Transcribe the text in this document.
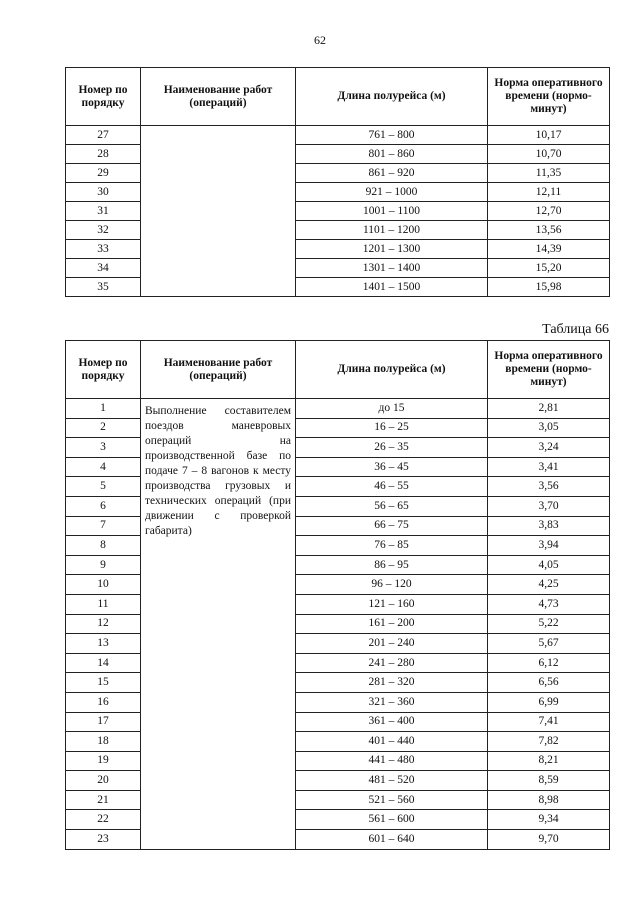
62
Номер по порядку	Наименование работ (операций)	Длина полурейса (м)	Норма оперативного времени (нормо-минут)
27		761 – 800	10,17
28		801 – 860	10,70
29		861 – 920	11,35
30		921 – 1000	12,11
31		1001 – 1100	12,70
32		1101 – 1200	13,56
33		1201 – 1300	14,39
34		1301 – 1400	15,20
35		1401 – 1500	15,98
Таблица 66
Номер по порядку	Наименование работ (операций)	Длина полурейса (м)	Норма оперативного времени (нормо-минут)
1	Выполнение составителем поездов маневровых операций на производственной базе по подаче 7 – 8 вагонов к месту производства грузовых и технических операций (при движении с проверкой габарита)	до 15	2,81
2		16 – 25	3,05
3		26 – 35	3,24
4		36 – 45	3,41
5		46 – 55	3,56
6		56 – 65	3,70
7		66 – 75	3,83
8		76 – 85	3,94
9		86 – 95	4,05
10		96 – 120	4,25
11		121 – 160	4,73
12		161 – 200	5,22
13		201 – 240	5,67
14		241 – 280	6,12
15		281 – 320	6,56
16		321 – 360	6,99
17		361 – 400	7,41
18		401 – 440	7,82
19		441 – 480	8,21
20		481 – 520	8,59
21		521 – 560	8,98
22		561 – 600	9,34
23		601 – 640	9,70
